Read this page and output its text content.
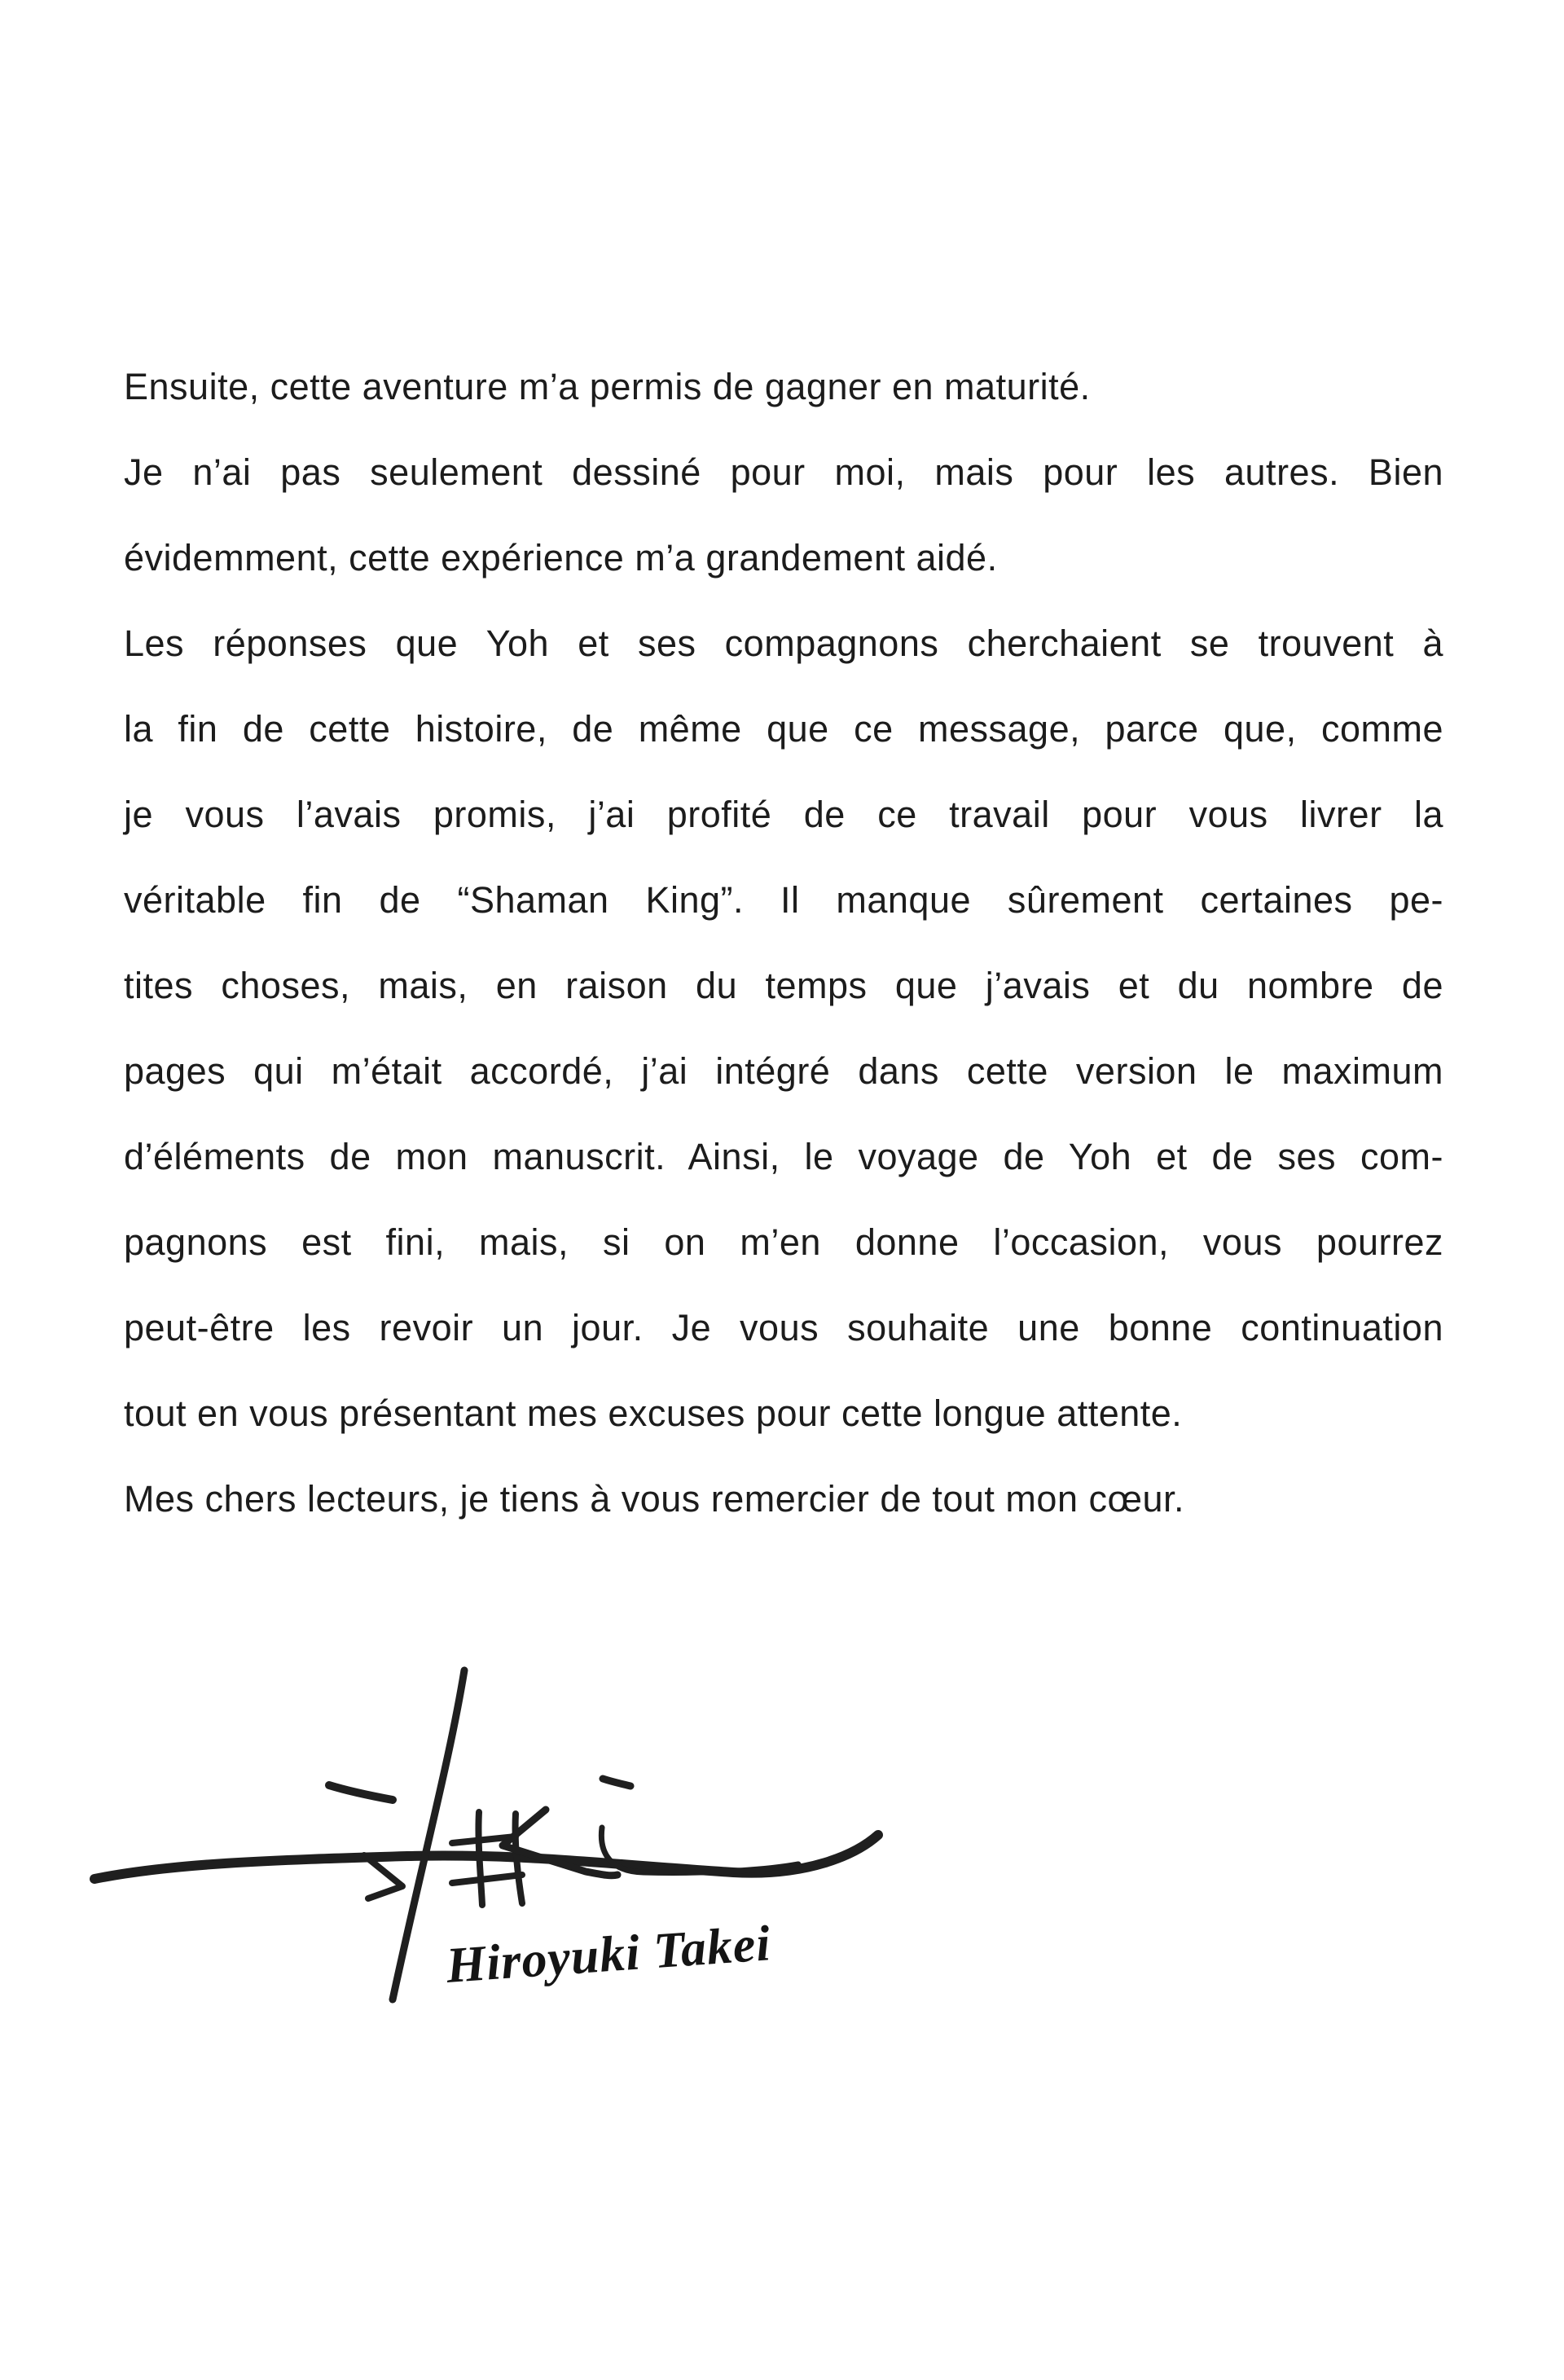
Ensuite, cette aventure m’a permis de gagner en maturité.
Je n’ai pas seulement dessiné pour moi, mais pour les autres. Bien
évidemment, cette expérience m’a grandement aidé.
Les réponses que Yoh et ses compagnons cherchaient se trouvent à
la fin de cette histoire, de même que ce message, parce que, comme
je vous l’avais promis, j’ai profité de ce travail pour vous livrer la
véritable fin de “Shaman King”. Il manque sûrement certaines pe-
tites choses, mais, en raison du temps que j’avais et du nombre de
pages qui m’était accordé, j’ai intégré dans cette version le maximum
d’éléments de mon manuscrit. Ainsi, le voyage de Yoh et de ses com-
pagnons est fini, mais, si on m’en donne l’occasion, vous pourrez
peut-être les revoir un jour. Je vous souhaite une bonne continuation
tout en vous présentant mes excuses pour cette longue attente.
Mes chers lecteurs, je tiens à vous remercier de tout mon cœur.
Hiroyuki Takei
